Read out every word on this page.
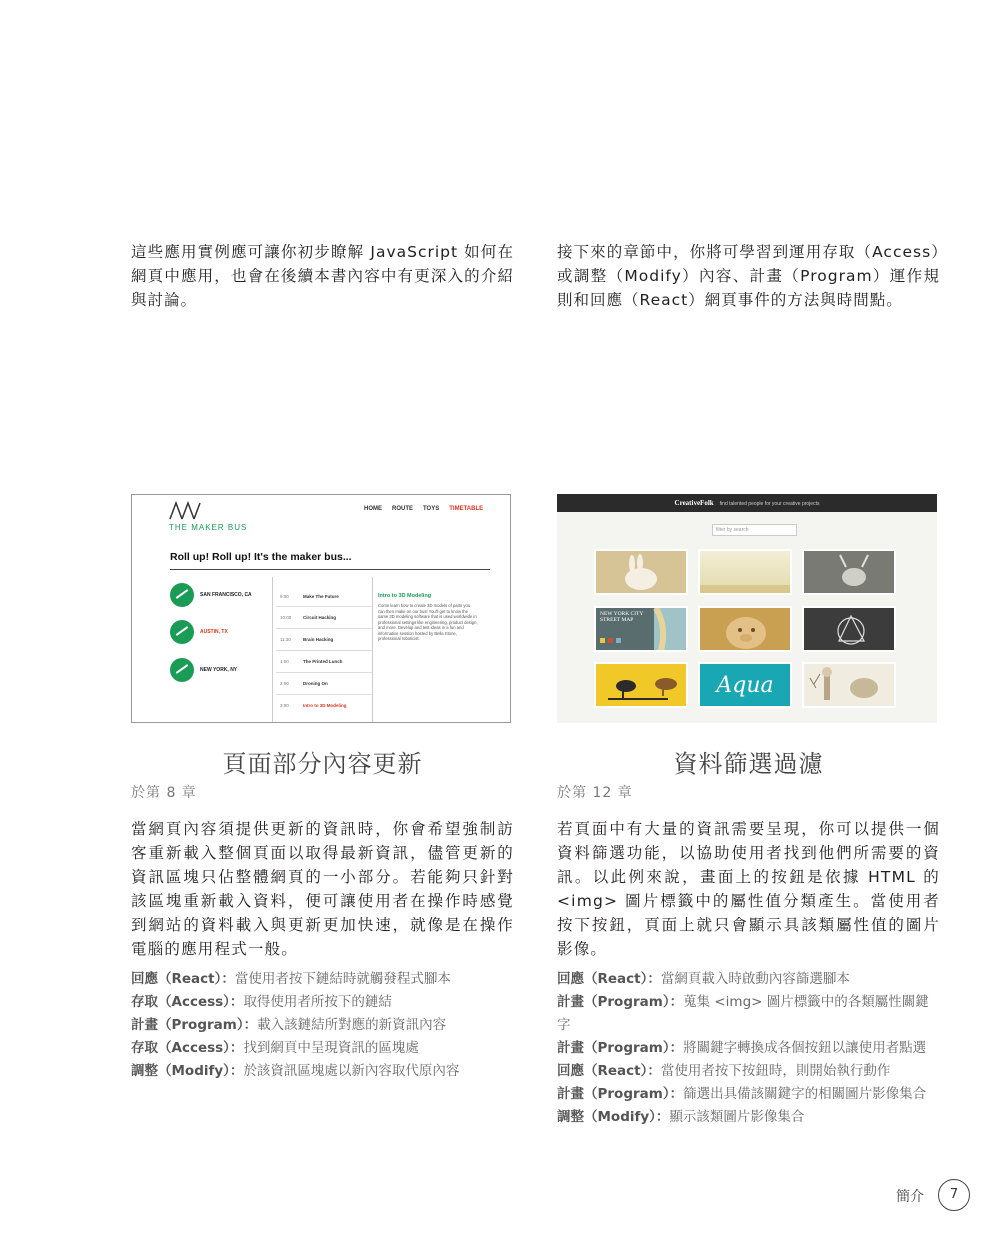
這些應用實例應可讓你初步瞭解 JavaScript 如何在網頁中應用，也會在後續本書內容中有更深入的介紹與討論。
接下來的章節中，你將可學習到運用存取（Access）或調整（Modify）內容、計畫（Program）運作規則和回應（React）網頁事件的方法與時間點。
THE MAKER BUS
HOME ROUTE TOYS TIMETABLE
Roll up! Roll up! It's the maker bus...
SAN FRANCISCO, CA
AUSTIN, TX
NEW YORK, NY
9:00	Make The Future
10:00	Circuit Hacking
11:30	Brain Hacking
1:00	The Printed Lunch
2:00	Droning On
3:00	Intro to 3D Modeling
Intro to 3D Modeling
Come learn how to create 3D models of parts you can then make on our bus! You'll get to know the same 3D modeling software that is used worldwide in professional settings like engineering, product design, and more. Develop and test ideas in a fun and informative session hosted by Bella Stone, professional roboticist.
CreativeFolk find talented people for your creative projects
filter by search
NEW YORK CITY STREET MAP
Aqua
頁面部分內容更新	資料篩選過濾
於第 8 章	於第 12 章
當網頁內容須提供更新的資訊時，你會希望強制訪客重新載入整個頁面以取得最新資訊，儘管更新的資訊區塊只佔整體網頁的一小部分。若能夠只針對該區塊重新載入資料，便可讓使用者在操作時感覺到網站的資料載入與更新更加快速，就像是在操作電腦的應用程式一般。
若頁面中有大量的資訊需要呈現，你可以提供一個資料篩選功能，以協助使用者找到他們所需要的資訊。以此例來說，畫面上的按鈕是依據 HTML 的 <img> 圖片標籤中的屬性值分類產生。當使用者按下按鈕，頁面上就只會顯示具該類屬性值的圖片影像。
回應（React）：當使用者按下鏈結時就觸發程式腳本
存取（Access）：取得使用者所按下的鏈結
計畫（Program）：載入該鏈結所對應的新資訊內容
存取（Access）：找到網頁中呈現資訊的區塊處
調整（Modify）：於該資訊區塊處以新內容取代原內容
回應（React）：當網頁載入時啟動內容篩選腳本
計畫（Program）：蒐集 <img> 圖片標籤中的各類屬性關鍵字
計畫（Program）：將關鍵字轉換成各個按鈕以讓使用者點選
回應（React）：當使用者按下按鈕時，則開始執行動作
計畫（Program）：篩選出具備該關鍵字的相關圖片影像集合
調整（Modify）：顯示該類圖片影像集合
簡介	7
